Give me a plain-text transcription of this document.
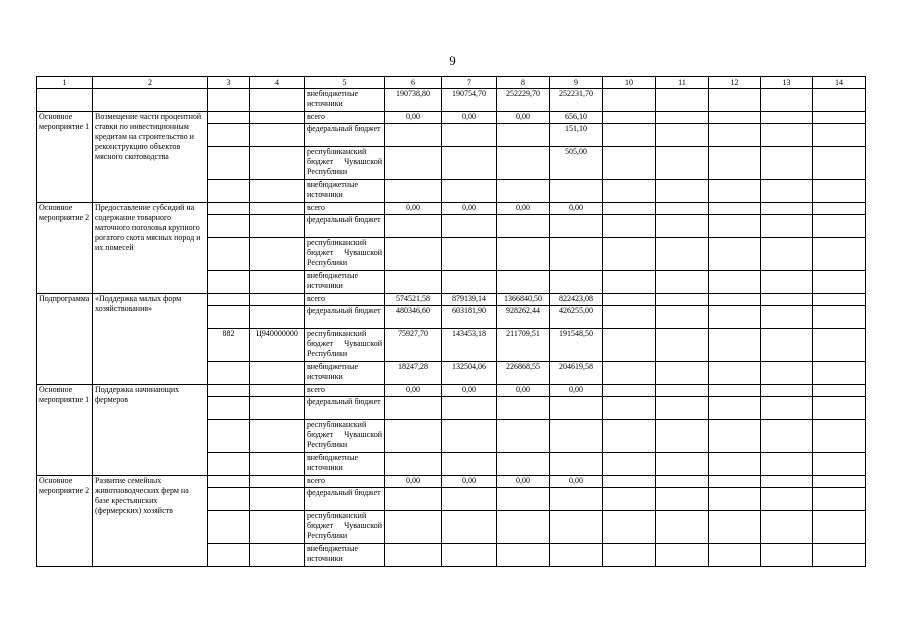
9
1	2	3	4	5	6	7	8	9	10	11	12	13	14
				внебюджетные источники	190738,80	190754,70	252229,70	252231,70					
Основное мероприятие 1	Возмещение части процентной ставки по инвестиционным кредитам на строительство и реконструкцию объектов мясного скотоводства			всего	0,00	0,00	0,00	656,10					
				федеральный бюджет				151,10					
				республиканский бюджет Чувашской Республики				505,00					
				внебюджетные источники									
Основное мероприятие 2	Предоставление субсидий на содержание товарного маточного поголовья крупного рогатого скота мясных пород и их помесей			всего	0,00	0,00	0,00	0,00					
				федеральный бюджет									
				республиканский бюджет Чувашской Республики									
				внебюджетные источники									
Подпрограмма	«Поддержка малых форм хозяйствования»			всего	574521,58	879139,14	1366840,50	822423,08					
				федеральный бюджет	480346,60	603181,90	928262,44	426255,00					
		882	Ц940000000	республиканский бюджет Чувашской Республики	75927,70	143453,18	211709,51	191548,50					
				внебюджетные источники	18247,28	132504,06	226868,55	204619,58					
Основное мероприятие 1	Поддержка начинающих фермеров			всего	0,00	0,00	0,00	0,00					
				федеральный бюджет									
				республиканский бюджет Чувашской Республики									
				внебюджетные источники									
Основное мероприятие 2	Развитие семейных животноводческих ферм на базе крестьянских (фермерских) хозяйств			всего	0,00	0,00	0,00	0,00					
				федеральный бюджет									
				республиканский бюджет Чувашской Республики									
				внебюджетные источники									
